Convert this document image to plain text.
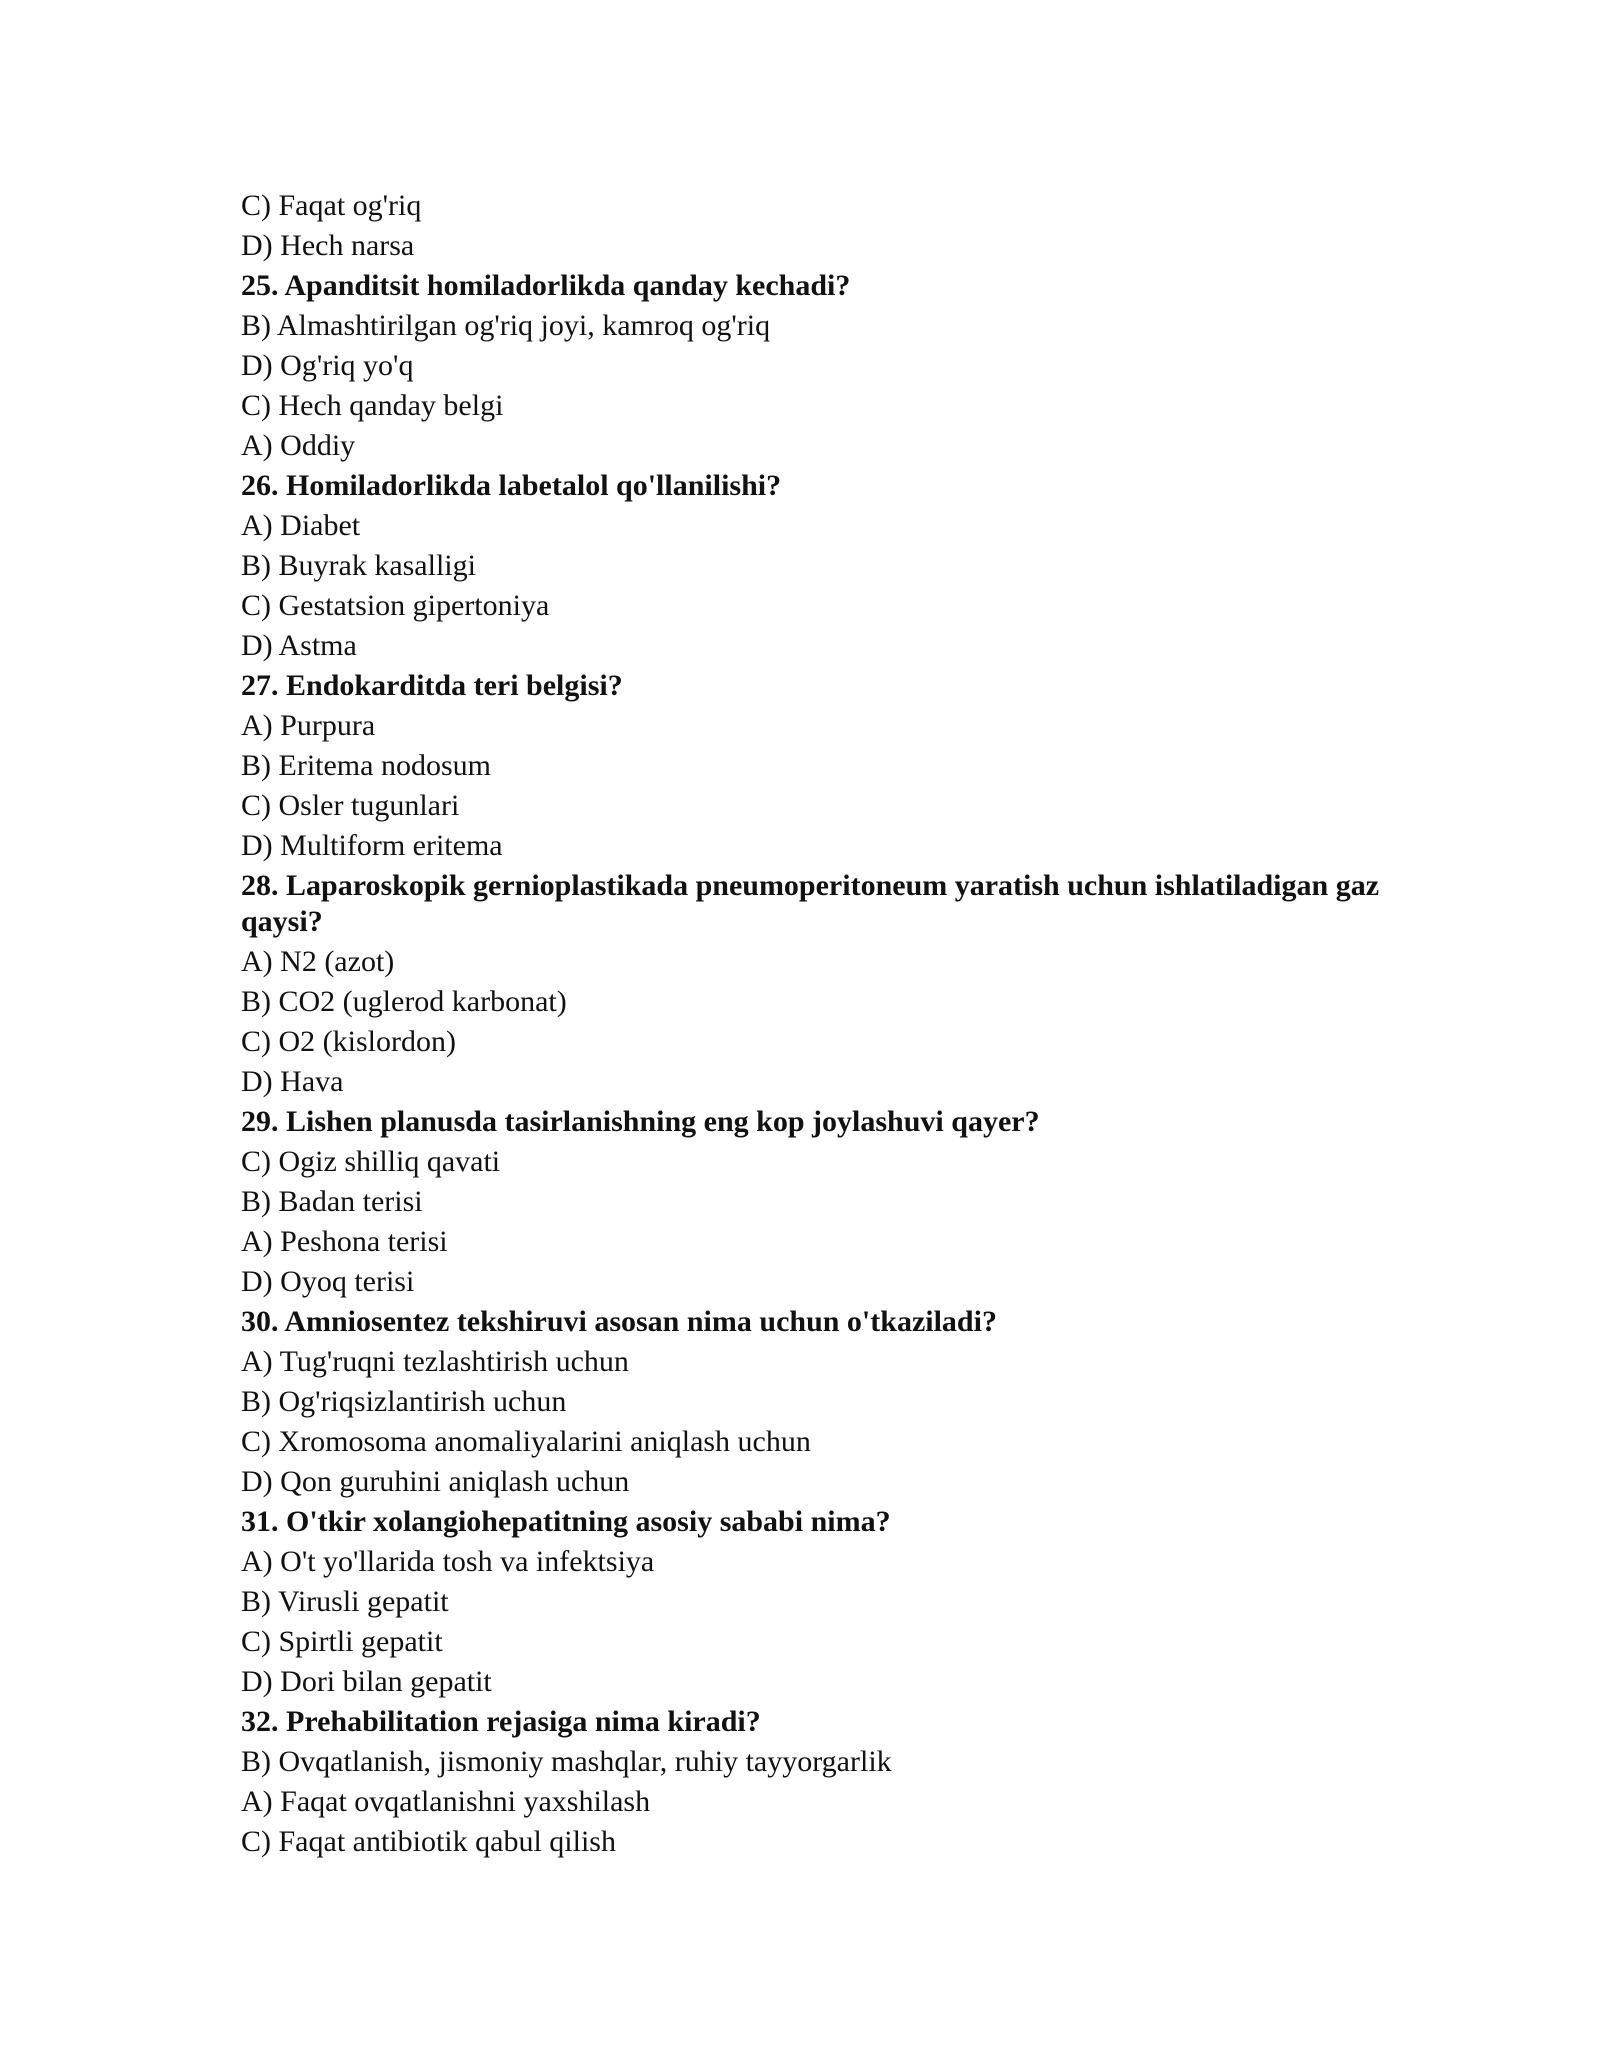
C) Faqat og'riq
D) Hech narsa
25. Apanditsit homiladorlikda qanday kechadi?
B) Almashtirilgan og'riq joyi, kamroq og'riq
D) Og'riq yo'q
C) Hech qanday belgi
A) Oddiy
26. Homiladorlikda labetalol qo'llanilishi?
A) Diabet
B) Buyrak kasalligi
C) Gestatsion gipertoniya
D) Astma
27. Endokarditda teri belgisi?
A) Purpura
B) Eritema nodosum
C) Osler tugunlari
D) Multiform eritema
28. Laparoskopik gernioplastikada pneumoperitoneum yaratish uchun ishlatiladigan gaz qaysi?
A) N2 (azot)
B) CO2 (uglerod karbonat)
C) O2 (kislordon)
D) Hava
29. Lishen planusda tasirlanishning eng kop joylashuvi qayer?
C) Ogiz shilliq qavati
B) Badan terisi
A) Peshona terisi
D) Oyoq terisi
30. Amniosentez tekshiruvi asosan nima uchun o'tkaziladi?
A) Tug'ruqni tezlashtirish uchun
B) Og'riqsizlantirish uchun
C) Xromosoma anomaliyalarini aniqlash uchun
D) Qon guruhini aniqlash uchun
31. O'tkir xolangiohepatitning asosiy sababi nima?
A) O't yo'llarida tosh va infektsiya
B) Virusli gepatit
C) Spirtli gepatit
D) Dori bilan gepatit
32. Prehabilitation rejasiga nima kiradi?
B) Ovqatlanish, jismoniy mashqlar, ruhiy tayyorgarlik
A) Faqat ovqatlanishni yaxshilash
C) Faqat antibiotik qabul qilish
